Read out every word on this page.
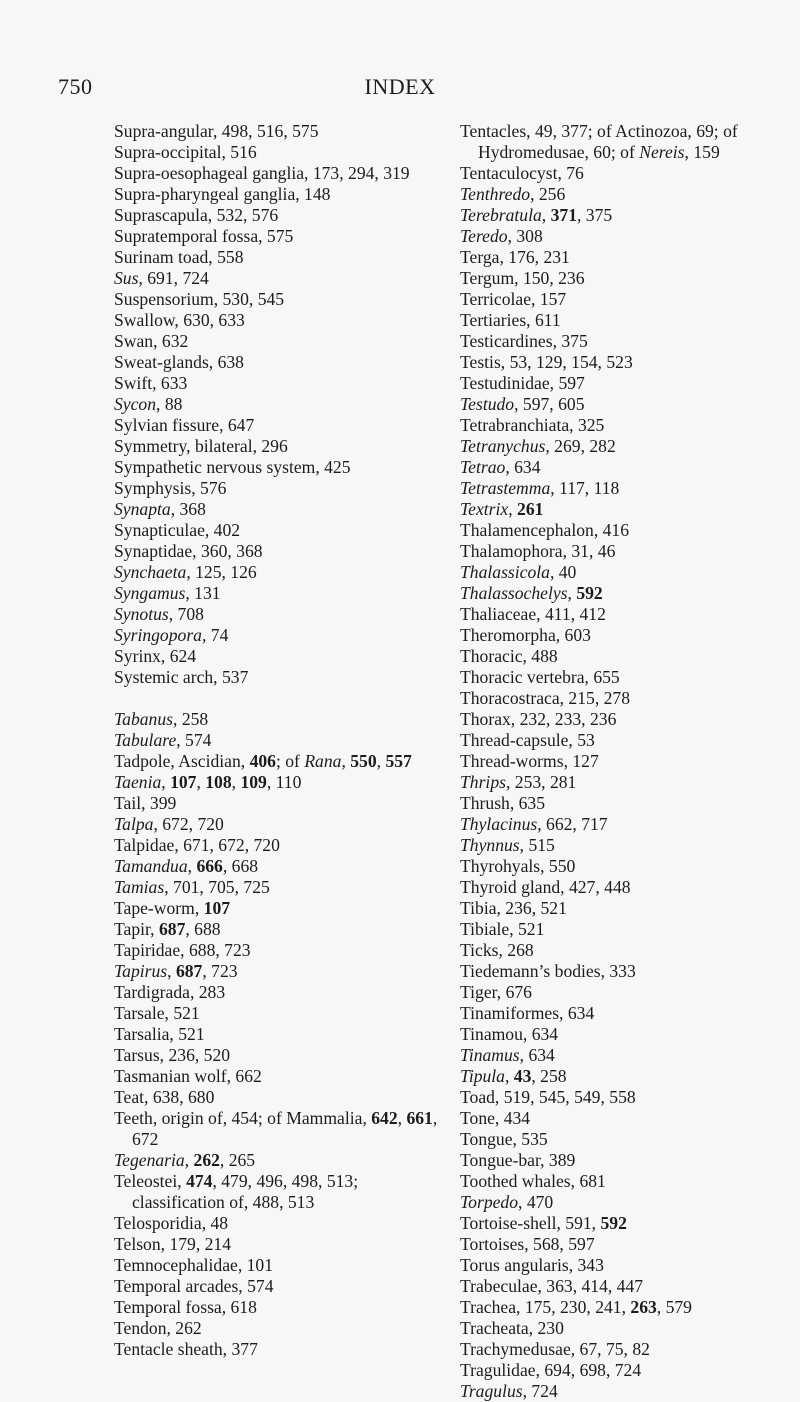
750	INDEX
Supra-angular, 498, 516, 575
Supra-occipital, 516
Supra-oesophageal ganglia, 173, 294, 319
Supra-pharyngeal ganglia, 148
Suprascapula, 532, 576
Supratemporal fossa, 575
Surinam toad, 558
Sus, 691, 724
Suspensorium, 530, 545
Swallow, 630, 633
Swan, 632
Sweat-glands, 638
Swift, 633
Sycon, 88
Sylvian fissure, 647
Symmetry, bilateral, 296
Sympathetic nervous system, 425
Symphysis, 576
Synapta, 368
Synapticulae, 402
Synaptidae, 360, 368
Synchaeta, 125, 126
Syngamus, 131
Synotus, 708
Syringopora, 74
Syrinx, 624
Systemic arch, 537
Tabanus, 258
Tabulare, 574
Tadpole, Ascidian, 406; of Rana, 550, 557
Taenia, 107, 108, 109, 110
Tail, 399
Talpa, 672, 720
Talpidae, 671, 672, 720
Tamandua, 666, 668
Tamias, 701, 705, 725
Tape-worm, 107
Tapir, 687, 688
Tapiridae, 688, 723
Tapirus, 687, 723
Tardigrada, 283
Tarsale, 521
Tarsalia, 521
Tarsus, 236, 520
Tasmanian wolf, 662
Teat, 638, 680
Teeth, origin of, 454; of Mammalia, 642, 661, 672
Tegenaria, 262, 265
Teleostei, 474, 479, 496, 498, 513; classification of, 488, 513
Telosporidia, 48
Telson, 179, 214
Temnocephalidae, 101
Temporal arcades, 574
Temporal fossa, 618
Tendon, 262
Tentacle sheath, 377
Tentacles, 49, 377; of Actinozoa, 69; of Hydromedusae, 60; of Nereis, 159
Tentaculocyst, 76
Tenthredo, 256
Terebratula, 371, 375
Teredo, 308
Terga, 176, 231
Tergum, 150, 236
Terricolae, 157
Tertiaries, 611
Testicardines, 375
Testis, 53, 129, 154, 523
Testudinidae, 597
Testudo, 597, 605
Tetrabranchiata, 325
Tetranychus, 269, 282
Tetrao, 634
Tetrastemma, 117, 118
Textrix, 261
Thalamencephalon, 416
Thalamophora, 31, 46
Thalassicola, 40
Thalassochelys, 592
Thaliaceae, 411, 412
Theromorpha, 603
Thoracic, 488
Thoracic vertebra, 655
Thoracostraca, 215, 278
Thorax, 232, 233, 236
Thread-capsule, 53
Thread-worms, 127
Thrips, 253, 281
Thrush, 635
Thylacinus, 662, 717
Thynnus, 515
Thyrohyals, 550
Thyroid gland, 427, 448
Tibia, 236, 521
Tibiale, 521
Ticks, 268
Tiedemann’s bodies, 333
Tiger, 676
Tinamiformes, 634
Tinamou, 634
Tinamus, 634
Tipula, 43, 258
Toad, 519, 545, 549, 558
Tone, 434
Tongue, 535
Tongue-bar, 389
Toothed whales, 681
Torpedo, 470
Tortoise-shell, 591, 592
Tortoises, 568, 597
Torus angularis, 343
Trabeculae, 363, 414, 447
Trachea, 175, 230, 241, 263, 579
Tracheata, 230
Trachymedusae, 67, 75, 82
Tragulidae, 694, 698, 724
Tragulus, 724
